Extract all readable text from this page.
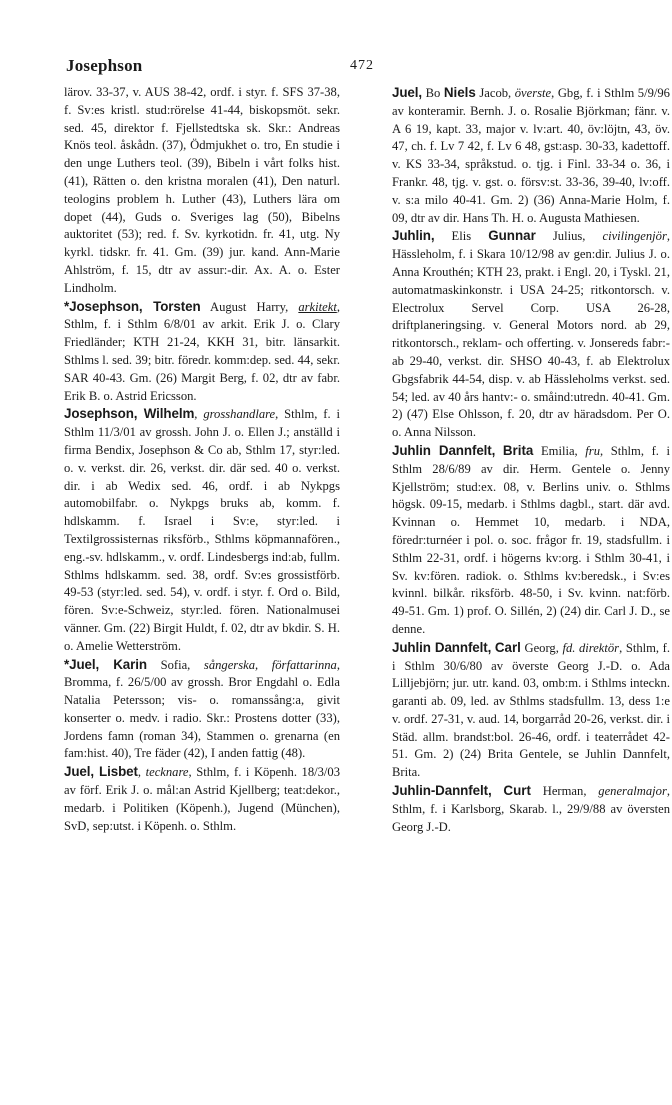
Josephson	472

lärov. 33-37, v. AUS 38-42, ordf. i styr. f. SFS 37-38, f. Sv:es kristl. stud:rörelse 41-44, biskopsmöt. sekr. sed. 45, direktor f. Fjellstedtska sk. Skr.: Andreas Knös teol. åskådn. (37), Ödmjukhet o. tro, En studie i den unge Luthers teol. (39), Bibeln i vårt folks hist. (41), Rätten o. den kristna moralen (41), Den naturl. teologins problem h. Luther (43), Luthers lära om dopet (44), Guds o. Sveriges lag (50), Bibelns auktoritet (53); red. f. Sv. kyrkotidn. fr. 41, utg. Ny kyrkl. tidskr. fr. 41. Gm. (39) jur. kand. Ann-Marie Ahlström, f. 15, dtr av assur:-dir. Ax. A. o. Ester Lindholm.

*Josephson, Torsten August Harry, arkitekt, Sthlm, f. i Sthlm 6/8/01 av arkit. Erik J. o. Clary Friedländer; KTH 21-24, KKH 31, bitr. länsarkit. Sthlms l. sed. 39; bitr. föredr. komm:dep. sed. 44, sekr. SAR 40-43. Gm. (26) Margit Berg, f. 02, dtr av fabr. Erik B. o. Astrid Ericsson.

Josephson, Wilhelm, grosshandlare, Sthlm, f. i Sthlm 11/3/01 av grossh. John J. o. Ellen J.; anställd i firma Bendix, Josephson & Co ab, Sthlm 17, styr:led. o. v. verkst. dir. 26, verkst. dir. där sed. 40 o. verkst. dir. i ab Wedix sed. 46, ordf. i ab Nykpgs automobilfabr. o. Nykpgs bruks ab, komm. f. hdlskamm. f. Israel i Sv:e, styr:led. i Textilgrossisternas riksförb., Sthlms köpmannafören., eng.-sv. hdlskamm., v. ordf. Lindesbergs ind:ab, fullm. Sthlms hdlskamm. sed. 38, ordf. Sv:es grossistförb. 49-53 (styr:led. sed. 54), v. ordf. i styr. f. Ord o. Bild, fören. Sv:e-Schweiz, styr:led. fören. Nationalmusei vänner. Gm. (22) Birgit Huldt, f. 02, dtr av bkdir. S. H. o. Amelie Wetterström.

*Juel, Karin Sofia, sångerska, författarinna, Bromma, f. 26/5/00 av grossh. Bror Engdahl o. Edla Natalia Petersson; vis- o. romanssång:a, givit konserter o. medv. i radio. Skr.: Prostens dotter (33), Jordens famn (roman 34), Stammen o. grenarna (en fam:hist. 40), Tre fäder (42), I anden fattig (48).

Juel, Lisbet, tecknare, Sthlm, f. i Köpenh. 18/3/03 av förf. Erik J. o. mål:an Astrid Kjellberg; teat:dekor., medarb. i Politiken (Köpenh.), Jugend (München), SvD, sep:utst. i Köpenh. o. Sthlm.

Juel, Bo Niels Jacob, överste, Gbg, f. i Sthlm 5/9/96 av konteramir. Bernh. J. o. Rosalie Björkman; fänr. v. A 6 19, kapt. 33, major v. lv:art. 40, öv:löjtn, 43, öv. 47, ch. f. Lv 7 42, f. Lv 6 48, gst:asp. 30-33, kadettoff. v. KS 33-34, språkstud. o. tjg. i Finl. 33-34 o. 36, i Frankr. 48, tjg. v. gst. o. försv:st. 33-36, 39-40, lv:off. v. s:a milo 40-41. Gm. 2) (36) Anna-Marie Holm, f. 09, dtr av dir. Hans Th. H. o. Augusta Mathiesen.

Juhlin, Elis Gunnar Julius, civilingenjör, Hässleholm, f. i Skara 10/12/98 av gen:dir. Julius J. o. Anna Krouthén; KTH 23, prakt. i Engl. 20, i Tyskl. 21, automatmaskinkonstr. i USA 24-25; ritkontorsch. v. Electrolux Servel Corp. USA 26-28, driftplaneringsing. v. General Motors nord. ab 29, ritkontorsch., reklam- och offerting. v. Jonsereds fabr:-ab 29-40, verkst. dir. SHSO 40-43, f. ab Elektrolux Gbgsfabrik 44-54, disp. v. ab Hässleholms verkst. sed. 54; led. av 40 års hantv:- o. småind:utredn. 40-41. Gm. 2) (47) Else Ohlsson, f. 20, dtr av häradsdom. Per O. o. Anna Nilsson.

Juhlin Dannfelt, Brita Emilia, fru, Sthlm, f. i Sthlm 28/6/89 av dir. Herm. Gentele o. Jenny Kjellström; stud:ex. 08, v. Berlins univ. o. Sthlms högsk. 09-15, medarb. i Sthlms dagbl., start. där avd. Kvinnan o. Hemmet 10, medarb. i NDA, föredr:turnéer i pol. o. soc. frågor fr. 19, stadsfullm. i Sthlm 22-31, ordf. i högerns kv:org. i Sthlm 30-41, i Sv. kv:fören. radiok. o. Sthlms kv:beredsk., i Sv:es kvinnl. bilkår. riksförb. 48-50, i Sv. kvinn. nat:förb. 49-51. Gm. 1) prof. O. Sillén, 2) (24) dir. Carl J. D., se denne.

Juhlin Dannfelt, Carl Georg, fd. direktör, Sthlm, f. i Sthlm 30/6/80 av överste Georg J.-D. o. Ada Lilljebjörn; jur. utr. kand. 03, omb:m. i Sthlms inteckn. garanti ab. 09, led. av Sthlms stadsfullm. 13, dess 1:e v. ordf. 27-31, v. aud. 14, borgarråd 20-26, verkst. dir. i Städ. allm. brandst:bol. 26-46, ordf. i teaterrådet 42-51. Gm. 2) (24) Brita Gentele, se Juhlin Dannfelt, Brita.

Juhlin-Dannfelt, Curt Herman, generalmajor, Sthlm, f. i Karlsborg, Skarab. l., 29/9/88 av översten Georg J.-D.
